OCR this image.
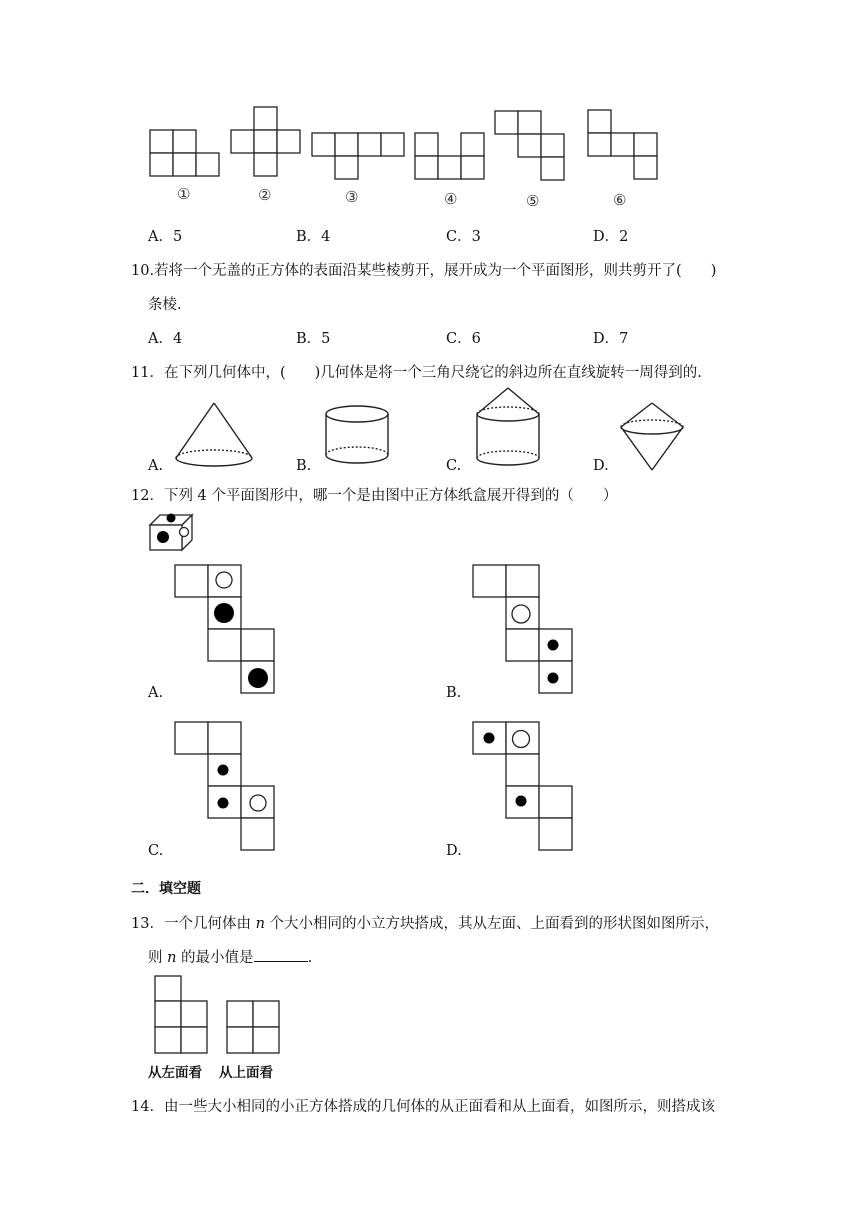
①	②	③	④	⑤	⑥
A．5	B．4	C．3	D．2
10.若将一个无盖的正方体的表面沿某些棱剪开，展开成为一个平面图形，则共剪开了(　　)
条棱.
A．4	B．5	C．6	D．7
11．在下列几何体中，(　　)几何体是将一个三角尺绕它的斜边所在直线旋转一周得到的.
A.	B.	C.	D.
12．下列 4 个平面图形中，哪一个是由图中正方体纸盒展开得到的（　　）
A.	B.
C.	D.
二．填空题
13．一个几何体由 n 个大小相同的小立方块搭成，其从左面、上面看到的形状图如图所示，
则 n 的最小值是	.
从左面看 从上面看
14．由一些大小相同的小正方体搭成的几何体的从正面看和从上面看，如图所示，则搭成该
